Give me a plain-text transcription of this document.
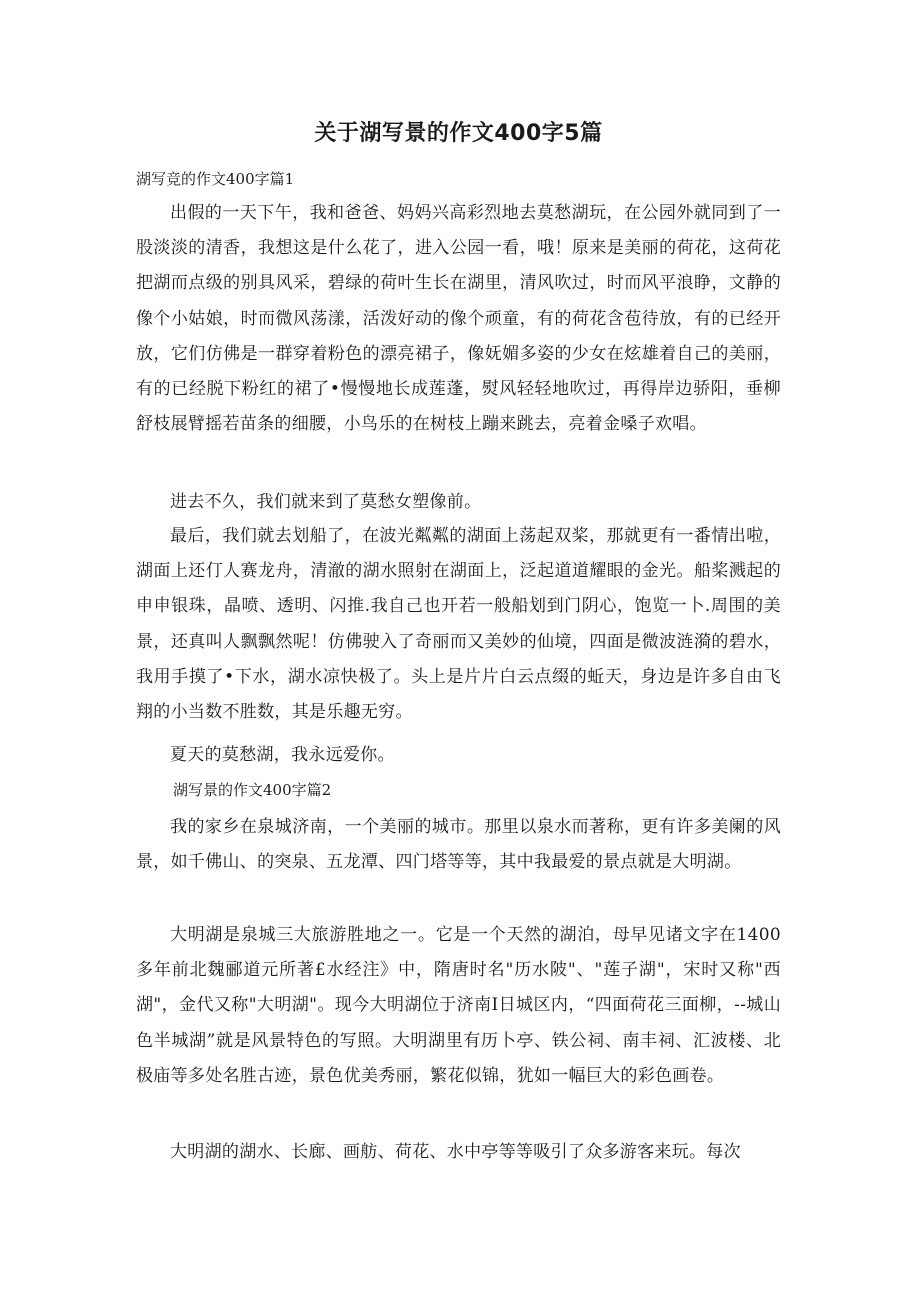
关于湖写景的作文400字5篇

湖写竞的作文400字篇1

出假的一天下午，我和爸爸、妈妈兴高彩烈地去莫愁湖玩，在公园外就同到了一股淡淡的清香，我想这是什么花了，进入公园一看，哦！原来是美丽的荷花，这荷花把湖而点级的别具风采，碧绿的荷叶生长在湖里，清风吹过，时而风平浪睁，文静的像个小姑娘，时而微风荡漾，活泼好动的像个顽童，有的荷花含苞待放，有的已经开放，它们仿佛是一群穿着粉色的漂亮裙子，像妩媚多姿的少女在炫雄着自己的美丽，有的已经脱下粉红的裙了•慢慢地长成莲蓬，熨风轻轻地吹过，再得岸边骄阳，垂柳舒枝展臂摇若苗条的细腰，小鸟乐的在树枝上蹦来跳去，亮着金嗓子欢唱。

进去不久，我们就来到了莫愁女塑像前。

最后，我们就去划船了，在波光粼粼的湖面上荡起双桨，那就更有一番情出啦，湖面上还仃人赛龙舟，清澈的湖水照射在湖面上，泛起道道耀眼的金光。船桨溅起的申申银珠，晶喷、透明、闪推.我自己也开若一般船划到门阴心，饱览一卜.周围的美景，还真叫人飘飘然呢！仿佛驶入了奇丽而又美妙的仙境，四面是微波涟漪的碧水，我用手摸了•下水，湖水凉快极了。头上是片片白云点缀的蚯天，身边是许多自由飞翔的小当数不胜数，其是乐趣无穷。

夏天的莫愁湖，我永远爱你。

湖写景的作文400字篇2

我的家乡在泉城济南，一个美丽的城市。那里以泉水而著称，更有许多美阑的风景，如千佛山、的突泉、五龙潭、四门塔等等，其中我最爱的景点就是大明湖。

大明湖是泉城三大旅游胜地之一。它是一个天然的湖泊，母早见诸文字在1400多年前北魏郦道元所著£水经注》中，隋唐时名"历水陂"、"莲子湖"，宋时又称"西湖"，金代又称"大明湖"。现今大明湖位于济南I日城区内，“四面荷花三面柳，--城山色半城湖”就是风景特色的写照。大明湖里有历卜亭、铁公祠、南丰祠、汇波楼、北极庙等多处名胜古迹，景色优美秀丽，繁花似锦，犹如一幅巨大的彩色画卷。

大明湖的湖水、长廊、画舫、荷花、水中亭等等吸引了众多游客来玩。每次
